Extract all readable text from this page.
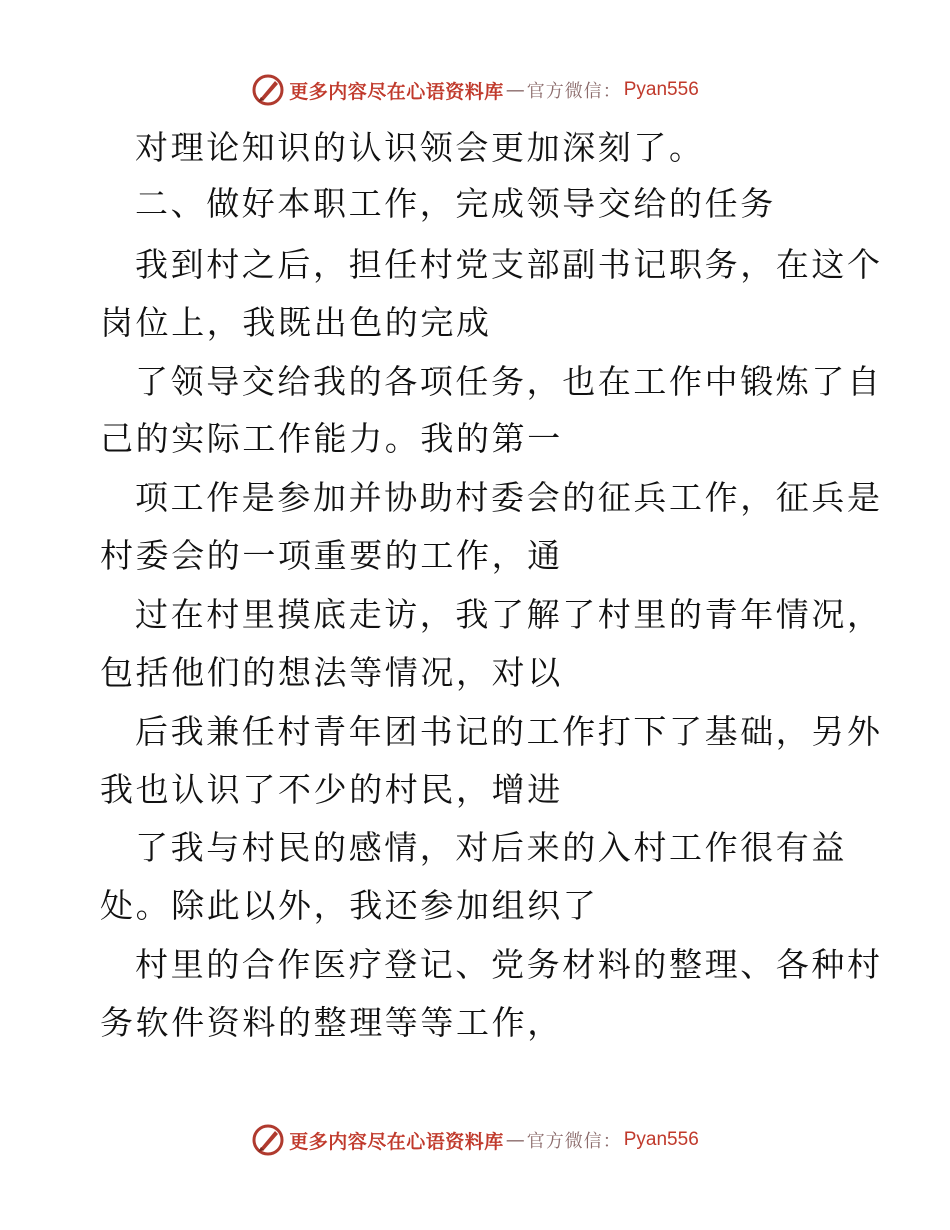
更多内容尽在心语资料库 — 官方微信： Pyan556
对理论知识的认识领会更加深刻了。
二、做好本职工作，完成领导交给的任务
我到村之后，担任村党支部副书记职务，在这个
岗位上，我既出色的完成
了领导交给我的各项任务，也在工作中锻炼了自
己的实际工作能力。我的第一
项工作是参加并协助村委会的征兵工作，征兵是
村委会的一项重要的工作，通
过在村里摸底走访，我了解了村里的青年情况，
包括他们的想法等情况，对以
后我兼任村青年团书记的工作打下了基础，另外
我也认识了不少的村民，增进
了我与村民的感情，对后来的入村工作很有益
处。除此以外，我还参加组织了
村里的合作医疗登记、党务材料的整理、各种村
务软件资料的整理等等工作，
更多内容尽在心语资料库 — 官方微信： Pyan556
